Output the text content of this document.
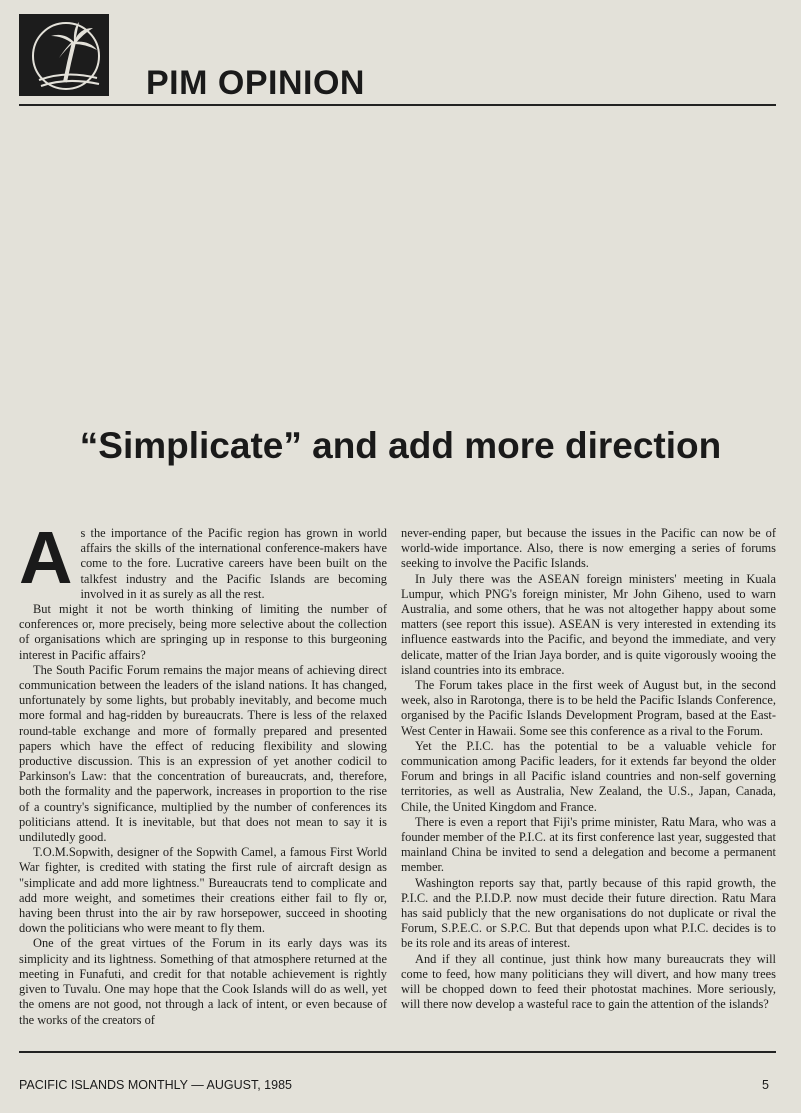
PIM OPINION
“Simplicate” and add more direction

As the importance of the Pacific region has grown in world affairs the skills of the international conference-makers have come to the fore. Lucrative careers have been built on the talkfest industry and the Pacific Islands are becoming involved in it as surely as all the rest.

But might it not be worth thinking of limiting the number of conferences or, more precisely, being more selective about the collection of organisations which are springing up in response to this burgeoning interest in Pacific affairs?

The South Pacific Forum remains the major means of achieving direct communication between the leaders of the island nations. It has changed, unfortunately by some lights, but probably inevitably, and become much more formal and hag-ridden by bureaucrats. There is less of the relaxed round-table exchange and more of formally prepared and presented papers which have the effect of reducing flexibility and slowing productive discussion. This is an expression of yet another codicil to Parkinson's Law: that the concentration of bureaucrats, and, therefore, both the formality and the paperwork, increases in proportion to the rise of a country's significance, multiplied by the number of conferences its politicians attend. It is inevitable, but that does not mean to say it is undilutedly good.

T.O.M.Sopwith, designer of the Sopwith Camel, a famous First World War fighter, is credited with stating the first rule of aircraft design as "simplicate and add more lightness." Bureaucrats tend to complicate and add more weight, and sometimes their creations either fail to fly or, having been thrust into the air by raw horsepower, succeed in shooting down the politicians who were meant to fly them.

One of the great virtues of the Forum in its early days was its simplicity and its lightness. Something of that atmosphere returned at the meeting in Funafuti, and credit for that notable achievement is rightly given to Tuvalu. One may hope that the Cook Islands will do as well, yet the omens are not good, not through a lack of intent, or even because of the works of the creators of

never-ending paper, but because the issues in the Pacific can now be of world-wide importance. Also, there is now emerging a series of forums seeking to involve the Pacific Islands.

In July there was the ASEAN foreign ministers' meeting in Kuala Lumpur, which PNG's foreign minister, Mr John Giheno, used to warn Australia, and some others, that he was not altogether happy about some matters (see report this issue). ASEAN is very interested in extending its influence eastwards into the Pacific, and beyond the immediate, and very delicate, matter of the Irian Jaya border, and is quite vigorously wooing the island countries into its embrace.

The Forum takes place in the first week of August but, in the second week, also in Rarotonga, there is to be held the Pacific Islands Conference, organised by the Pacific Islands Development Program, based at the East-West Center in Hawaii. Some see this conference as a rival to the Forum.

Yet the P.I.C. has the potential to be a valuable vehicle for communication among Pacific leaders, for it extends far beyond the older Forum and brings in all Pacific island countries and non-self governing territories, as well as Australia, New Zealand, the U.S., Japan, Canada, Chile, the United Kingdom and France.

There is even a report that Fiji's prime minister, Ratu Mara, who was a founder member of the P.I.C. at its first conference last year, suggested that mainland China be invited to send a delegation and become a permanent member.

Washington reports say that, partly because of this rapid growth, the P.I.C. and the P.I.D.P. now must decide their future direction. Ratu Mara has said publicly that the new organisations do not duplicate or rival the Forum, S.P.E.C. or S.P.C. But that depends upon what P.I.C. decides is to be its role and its areas of interest.

And if they all continue, just think how many bureaucrats they will come to feed, how many politicians they will divert, and how many trees will be chopped down to feed their photostat machines. More seriously, will there now develop a wasteful race to gain the attention of the islands?

PACIFIC ISLANDS MONTHLY — AUGUST, 1985	5
